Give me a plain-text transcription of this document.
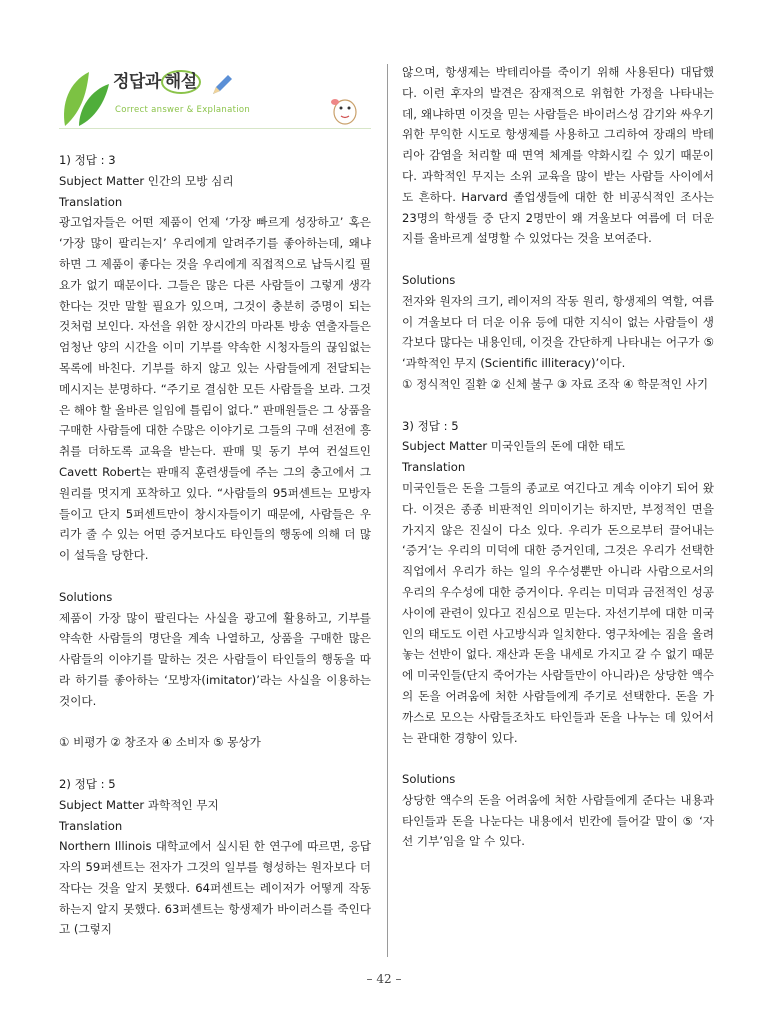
정답과 해설
Correct answer & Explanation

1) 정답 : 3

Subject Matter 인간의 모방 심리

Translation

광고업자들은 어떤 제품이 언제 ‘가장 빠르게 성장하고’ 혹은 ‘가장 많이 팔리는지’ 우리에게 알려주기를 좋아하는데, 왜냐하면 그 제품이 좋다는 것을 우리에게 직접적으로 납득시킬 필요가 없기 때문이다. 그들은 많은 다른 사람들이 그렇게 생각한다는 것만 말할 필요가 있으며, 그것이 충분히 증명이 되는 것처럼 보인다. 자선을 위한 장시간의 마라톤 방송 연출자들은 엄청난 양의 시간을 이미 기부를 약속한 시청자들의 끊임없는 목록에 바친다. 기부를 하지 않고 있는 사람들에게 전달되는 메시지는 분명하다. “주기로 결심한 모든 사람들을 보라. 그것은 해야 할 올바른 일임에 틀림이 없다.” 판매원들은 그 상품을 구매한 사람들에 대한 수많은 이야기로 그들의 구매 선전에 흥취를 더하도록 교육을 받는다. 판매 및 동기 부여 컨설트인 Cavett Robert는 판매직 훈련생들에 주는 그의 충고에서 그 원리를 멋지게 포착하고 있다. “사람들의 95퍼센트는 모방자들이고 단지 5퍼센트만이 창시자들이기 때문에, 사람들은 우리가 줄 수 있는 어떤 증거보다도 타인들의 행동에 의해 더 많이 설득을 당한다.

Solutions

제품이 가장 많이 팔린다는 사실을 광고에 활용하고, 기부를 약속한 사람들의 명단을 계속 나열하고, 상품을 구매한 많은 사람들의 이야기를 말하는 것은 사람들이 타인들의 행동을 따라 하기를 좋아하는 ‘모방자(imitator)’라는 사실을 이용하는 것이다.

① 비평가 ② 창조자 ④ 소비자 ⑤ 몽상가

2) 정답 : 5

Subject Matter 과학적인 무지

Translation

Northern Illinois 대학교에서 실시된 한 연구에 따르면, 응답자의 59퍼센트는 전자가 그것의 일부를 형성하는 원자보다 더 작다는 것을 알지 못했다. 64퍼센트는 레이저가 어떻게 작동하는지 알지 못했다. 63퍼센트는 항생제가 바이러스를 죽인다고 (그렇지

않으며, 항생제는 박테리아를 죽이기 위해 사용된다) 대답했다. 이런 후자의 발견은 잠재적으로 위험한 가정을 나타내는데, 왜냐하면 이것을 믿는 사람들은 바이러스성 감기와 싸우기 위한 무익한 시도로 항생제를 사용하고 그리하여 장래의 박테리아 감염을 처리할 때 면역 체계를 약화시킬 수 있기 때문이다. 과학적인 무지는 소위 교육을 많이 받는 사람들 사이에서도 흔하다. Harvard 졸업생들에 대한 한 비공식적인 조사는 23명의 학생들 중 단지 2명만이 왜 겨울보다 여름에 더 더운지를 올바르게 설명할 수 있었다는 것을 보여준다.

Solutions

전자와 원자의 크기, 레이저의 작동 원리, 항생제의 역할, 여름이 겨울보다 더 더운 이유 등에 대한 지식이 없는 사람들이 생각보다 많다는 내용인데, 이것을 간단하게 나타내는 어구가 ⑤ ‘과학적인 무지 (Scientific illiteracy)’이다.

① 정식적인 질환 ② 신체 불구 ③ 자료 조작 ④ 학문적인 사기

3) 정답 : 5

Subject Matter 미국인들의 돈에 대한 태도

Translation

미국인들은 돈을 그들의 종교로 여긴다고 계속 이야기 되어 왔다. 이것은 종종 비판적인 의미이기는 하지만, 부정적인 면을 가지지 않은 진실이 다소 있다. 우리가 돈으로부터 끌어내는 ‘증거’는 우리의 미덕에 대한 증거인데, 그것은 우리가 선택한 직업에서 우리가 하는 일의 우수성뿐만 아니라 사람으로서의 우리의 우수성에 대한 증거이다. 우리는 미덕과 금전적인 성공 사이에 관련이 있다고 진심으로 믿는다. 자선기부에 대한 미국인의 태도도 이런 사고방식과 일치한다. 영구차에는 짐을 올려놓는 선반이 없다. 재산과 돈을 내세로 가지고 갈 수 없기 때문에 미국인들(단지 죽어가는 사람들만이 아니라)은 상당한 액수의 돈을 어려움에 처한 사람들에게 주기로 선택한다. 돈을 가까스로 모으는 사람들조차도 타인들과 돈을 나누는 데 있어서는 관대한 경향이 있다.

Solutions

상당한 액수의 돈을 어려움에 처한 사람들에게 준다는 내용과 타인들과 돈을 나눈다는 내용에서 빈칸에 들어갈 말이 ⑤ ‘자선 기부’임을 알 수 있다.

– 42 –
